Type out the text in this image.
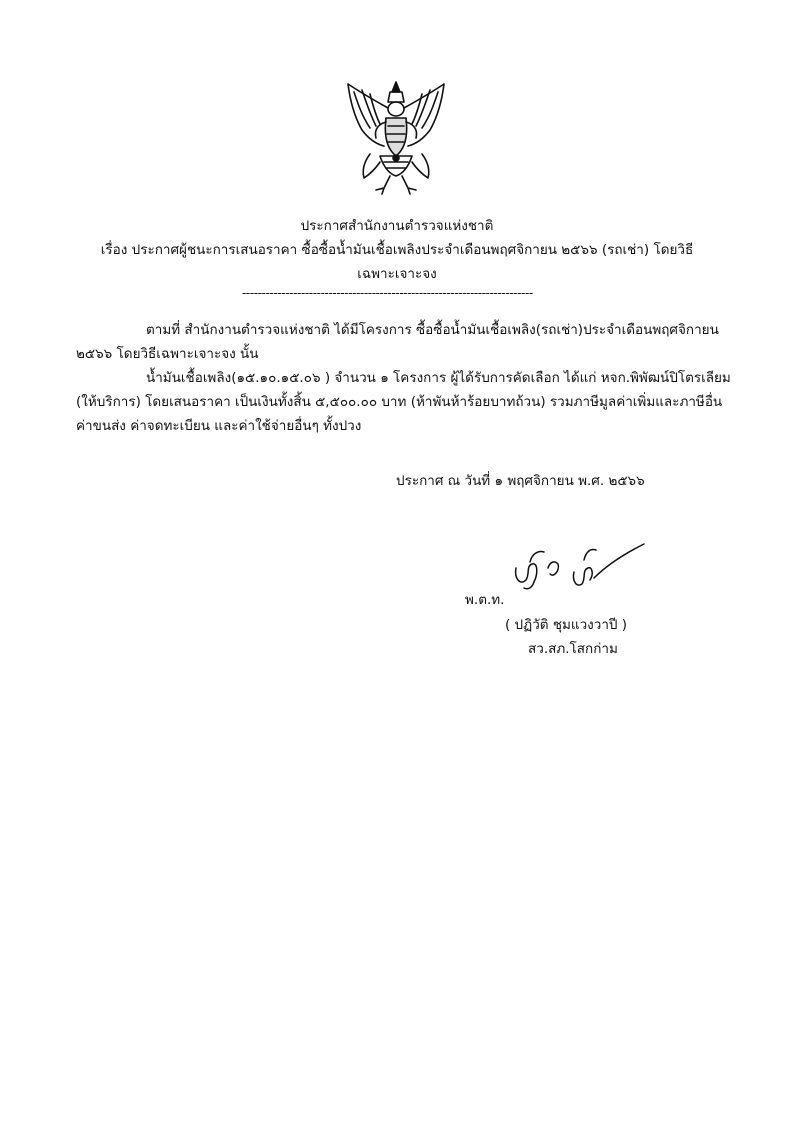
ประกาศสำนักงานตำรวจแห่งชาติ
เรื่อง ประกาศผู้ชนะการเสนอราคา ซื้อซื้อน้ำมันเชื้อเพลิงประจำเดือนพฤศจิกายน ๒๕๖๖ (รถเช่า) โดยวิธี
เฉพาะเจาะจง
--------------------------------------------------------------------------
ตามที่ สำนักงานตำรวจแห่งชาติ ได้มีโครงการ ซื้อซื้อน้ำมันเชื้อเพลิง(รถเช่า)ประจำเดือนพฤศจิกายน
๒๕๖๖ โดยวิธีเฉพาะเจาะจง นั้น
น้ำมันเชื้อเพลิง(๑๕.๑๐.๑๕.๐๖ ) จำนวน ๑ โครงการ ผู้ได้รับการคัดเลือก ได้แก่ หจก.พิพัฒน์ปิโตรเลียม
(ให้บริการ) โดยเสนอราคา เป็นเงินทั้งสิ้น ๕,๕๐๐.๐๐ บาท (ห้าพันห้าร้อยบาทถ้วน) รวมภาษีมูลค่าเพิ่มและภาษีอื่น
ค่าขนส่ง ค่าจดทะเบียน และค่าใช้จ่ายอื่นๆ ทั้งปวง
ประกาศ ณ วันที่ ๑ พฤศจิกายน พ.ศ. ๒๕๖๖
พ.ต.ท.
( ปฏิวัติ ชุมแวงวาปี )
สว.สภ.โสกก่าม
